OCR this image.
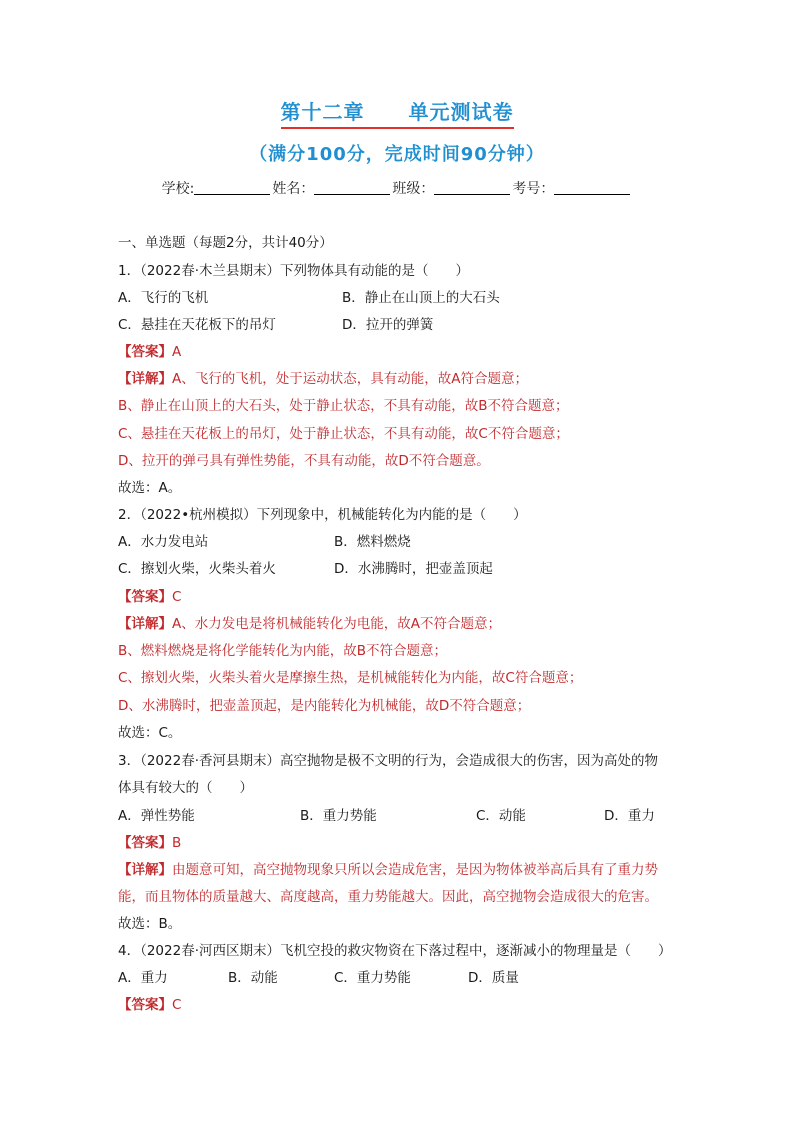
第十二章 单元测试卷
（满分100分，完成时间90分钟）
学校:	姓名：	班级：	考号：
一、单选题（每题2分，共计40分）
1．（2022春·木兰县期末）下列物体具有动能的是（　　）
A．飞行的飞机	B．静止在山顶上的大石头
C．悬挂在天花板下的吊灯	D．拉开的弹簧
【答案】A
【详解】A、飞行的飞机，处于运动状态，具有动能，故A符合题意；
B、静止在山顶上的大石头，处于静止状态，不具有动能，故B不符合题意；
C、悬挂在天花板上的吊灯，处于静止状态，不具有动能，故C不符合题意；
D、拉开的弹弓具有弹性势能，不具有动能，故D不符合题意。
故选：A。
2．（2022•杭州模拟）下列现象中，机械能转化为内能的是（　　）
A．水力发电站	B．燃料燃烧
C．擦划火柴，火柴头着火	D．水沸腾时，把壶盖顶起
【答案】C
【详解】A、水力发电是将机械能转化为电能，故A不符合题意；
B、燃料燃烧是将化学能转化为内能，故B不符合题意；
C、擦划火柴，火柴头着火是摩擦生热，是机械能转化为内能，故C符合题意；
D、水沸腾时，把壶盖顶起，是内能转化为机械能，故D不符合题意；
故选：C。
3．（2022春·香河县期末）高空抛物是极不文明的行为，会造成很大的伤害，因为高处的物
体具有较大的（　　）
A．弹性势能	B．重力势能	C．动能	D．重力
【答案】B
【详解】由题意可知，高空抛物现象只所以会造成危害，是因为物体被举高后具有了重力势
能，而且物体的质量越大、高度越高，重力势能越大。因此，高空抛物会造成很大的危害。
故选：B。
4．（2022春·河西区期末）飞机空投的救灾物资在下落过程中，逐渐减小的物理量是（　　）
A．重力	B．动能	C．重力势能	D．质量
【答案】C
